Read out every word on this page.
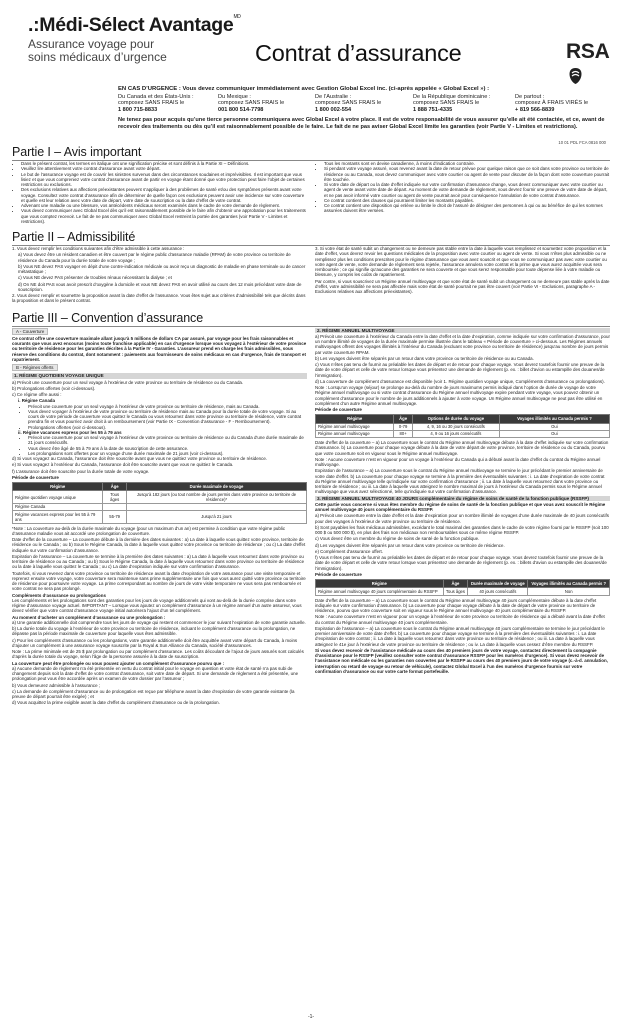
.:Médi-Sélect Avantage$^{MD}$
Assurance voyage pour
soins médicaux d’urgence	Contrat d’assurance	RSA
EN CAS D’URGENCE : Vous devez communiquer immédiatement avec Gestion Global Excel inc. (ci-après appelée « Global Excel ») :
Du Canada et des États-Unis :
composez SANS FRAIS le
1 800 715-8833
Du Mexique :
composez SANS FRAIS le
001 800 514-7798
De l’Australie :
composez SANS FRAIS le
1 800 002-554
De la République dominicaine :
composez SANS FRAIS le
1 888 751-4335
De partout :
composez À FRAIS VIRÉS le
+ 819 566-8839
Ne tenez pas pour acquis qu’une tierce personne communiquera avec Global Excel à votre place. Il est de votre responsabilité de vous assurer qu’elle ait été contactée, et ce, avant de recevoir des traitements ou dès qu’il est raisonnablement possible de le faire. Le fait de ne pas aviser Global Excel limite les garanties (voir Partie V - Limites et restrictions).
10 01 PDL FCA 0816 000
Partie I – Avis important
• Dans le présent contrat, les termes en italique ont une signification précise et sont définis à la Partie XI – Définitions.
• Veuillez lire attentivement votre contrat d’assurance avant votre départ.
• Le but de l’assurance voyage est de couvrir les sinistres survenus dans des circonstances soudaines et imprévisibles. Il est important que vous lisiez et que vous compreniez votre contrat d’assurance avant de partir en voyage étant donné que votre protection peut faire l’objet de certaines restrictions ou exclusions.
• Des exclusions relatives aux affections préexistantes peuvent s’appliquer à des problèmes de santé et/ou des symptômes présents avant votre voyage. Consultez votre contrat d’assurance afin de déterminer de quelle façon ces exclusions peuvent avoir une incidence sur votre couverture et quelle est leur relation avec votre date de départ, votre date de souscription ou la date d’effet de votre contrat.
• Advenant une maladie ou une blessure, vos antécédents médicaux seront examinés dans le cadre de votre demande de règlement.
• Vous devez communiquer avec Global Excel dès qu’il est raisonnablement possible de le faire afin d’obtenir une approbation pour les traitements que vous comptez recevoir. Le fait de ne pas communiquer avec Global Excel restreint la portée des garanties (voir Partie V - Limites et restrictions).
• Tous les montants sont en devise canadienne, à moins d’indication contraire.
• Si pendant votre voyage assuré, vous revenez avant la date de retour prévue pour quelque raison que ce soit dans votre province ou territoire de résidence ou au Canada, vous devez communiquer avec votre courtier ou agent de vente pour discuter de la façon dont votre couverture pourrait être touchée.
• Si votre date de départ ou la date d’effet indiquée sur votre confirmation d’assurance change, vous devez communiquer avec votre courtier ou agent de vente avant votre date de départ. Au moment de votre demande de règlement, vous devrez fournir une preuve de votre date de départ, et ne pas avoir informé votre courtier ou agent de vente pourrait avoir pour conséquence l’annulation de votre contrat d’assurance.
• Ce contrat contient des clauses qui pourraient limiter les montants payables.
• Ce contrat contient une disposition qui enlève ou limite le droit de l’assuré de désigner des personnes à qui ou au bénéfice de qui les sommes assurées doivent être versées.
Partie II – Admissibilité

1. Vous devez remplir les conditions suivantes afin d’être admissible à cette assurance :

a) Vous devez être un résident canadien et être couvert par le régime public d’assurance maladie (RPAM) de votre province ou territoire de résidence du Canada pour la durée totale de votre voyage ;

b) Vous NE devez PAS voyager en dépit d’une contre-indication médicale ou avoir reçu un diagnostic de maladie en phase terminale ou de cancer métastatique ;

c) Vous NE devez PAS présenter de troubles rénaux nécessitant la dialyse ; et

d) On NE doit PAS vous avoir prescrit d’oxygène à domicile et vous NE devez PAS en avoir utilisé au cours des 12 mois précédant votre date de souscription.

2. Vous devez remplir et soumettre la proposition avant la date d’effet de l’assurance. Vous êtes sujet aux critères d’admissibilité tels que décrits dans la proposition et dans le présent contrat.

3. Si votre état de santé subit un changement ou ne demeure pas stable entre la date à laquelle vous remplissez et soumettez votre proposition et la date d’effet, vous devrez revoir les questions médicales de la proposition avec votre courtier ou agent de vente. Si vous n’êtes plus admissible ou ne remplissez plus les conditions prescrites pour le régime d’assurance que vous avez souscrit et que vous ne communiquez pas avec votre courtier ou votre agent de vente, votre demande de règlement sera rejetée, l’assurance annulera votre contrat et la prime que vous aurez acquittée vous sera remboursée ; ce qui signifie qu’aucune des garanties ne sera couverte et que vous serez responsable pour toute dépense liée à votre maladie ou blessure, y compris les coûts de rapatriement.

Par contre, si vous souscrivez un Régime annuel multivoyage et que votre état de santé subit un changement ou ne demeure pas stable après la date d’effet, votre admissibilité ne sera pas affectée mais votre état de santé pourrait ne pas être couvert (voir Partie VI - Exclusions, paragraphe A - Exclusions relatives aux affections préexistantes).

Partie III – Convention d’assurance
A - Couverture

Ce contrat offre une couverture maximale allant jusqu’à 5 millions de dollars CA par assuré, par voyage pour les frais raisonnables et courants que vous avez encourus (moins toute franchise applicable) en cas d’urgence lorsque vous voyagez à l’extérieur de votre province ou territoire de résidence pour les garanties décrites à la Partie IV - Garanties. L’assureur prend en charge les frais admissibles, sous réserve des conditions du contrat, dont notamment : paiements aux fournisseurs de soins médicaux en cas d’urgence, frais de transport et rapatriement.

B - Régimes offerts
1. RÉGIME QUOTIDIEN VOYAGE UNIQUE

a) Prévoit une couverture pour un seul voyage à l’extérieur de votre province ou territoire de résidence ou du Canada.

b) Prolongations offertes (voir ci-dessous).

c) Ce régime offre aussi :

i. Régime Canada
• Prévoit une couverture pour un seul voyage à l’extérieur de votre province ou territoire de résidence, mais au Canada.
• Vous devez voyager à l’extérieur de votre province ou territoire de résidence mais au Canada pour la durée totale de votre voyage. Si au cours de votre période de couverture vous quittez le Canada ou vous retournez dans votre province ou territoire de résidence, votre contrat prendra fin et vous pourriez avoir droit à un remboursement (voir Partie IX - Convention d’assurance - F - Remboursement).
• Prolongations offertes (voir ci-dessous).
ii. Régime vacances express pour les 55 à 79 ans
• Prévoit une couverture pour un seul voyage à l’extérieur de votre province ou territoire de résidence ou du Canada d’une durée maximale de 21 jours consécutifs.
• Vous devez être âgé de 55 à 79 ans à la date de souscription de cette assurance.
• Les prolongations sont offertes pour un voyage d’une durée maximale de 21 jours (voir ci-dessous).

d) Si vous voyagez au Canada, l’assurance doit être souscrite avant que vous ne quittiez votre province ou territoire de résidence.

e) Si vous voyagez à l’extérieur du Canada, l’assurance doit être souscrite avant que vous ne quittiez le Canada.

f) L’assurance doit être souscrite pour la durée totale de votre voyage.

Période de couverture
Régime	Âge	Durée maximale de voyage
Régime quotidien voyage unique	Tous âges	Jusqu’à 182 jours (ou tout nombre de jours permis dans votre province ou territoire de résidence)*
Régime Canada		
Régime vacances express pour les 55 à 79 ans	55-79	Jusqu’à 21 jours

*Note : La couverture au-delà de la durée maximale du voyage (pour un maximum d’un an) est permise à condition que votre régime public d’assurance maladie vous ait accordé une prolongation de couverture.

Date d’effet de la couverture – La couverture débute à la dernière des dates suivantes : a) La date à laquelle vous quittez votre province, territoire de résidence ou le Canada ; ou b) Sous le Régime Canada, la date à laquelle vous quittez votre province ou territoire de résidence ; ou c) La date d’effet indiquée sur votre confirmation d’assurance.

Expiration de l’assurance – La couverture se termine à la première des dates suivantes : a) La date à laquelle vous retournez dans votre province ou territoire de résidence ou au Canada ; ou b) Sous le Régime Canada, la date à laquelle vous retournez dans votre province ou territoire de résidence ou la date à laquelle vous quittez le Canada ; ou c) La date d’expiration indiquée sur votre confirmation d’assurance.

Toutefois, si vous revenez dans votre province ou territoire de résidence avant la date d’expiration de votre assurance pour une visite temporaire et reprenez ensuite votre voyage, votre couverture sera maintenue sans prime supplémentaire une fois que vous aurez quitté votre province ou territoire de résidence pour poursuivre votre voyage. La prime correspondant au nombre de jours de votre visite temporaire ne vous sera pas remboursée et votre contrat ne sera pas prolongé.

Compléments d’assurance ou prolongations

Les compléments et les prolongations sont des garanties pour les jours de voyage additionnels qui vont au-delà de la durée comprise dans votre régime d’assurance voyage actuel. IMPORTANT – Lorsque vous ajoutez un complément d’assurance à un régime annuel d’un autre assureur, vous devez vérifier que votre contrat d’assurance voyage initial autorisera l’ajout d’un tel complément.

Au moment d’acheter un complément d’assurance ou une prolongation :

a) Une garantie additionnelle doit comprendre tous les jours de voyage qui restent et commencer le jour suivant l’expiration de votre garantie actuelle.

b) La durée totale du voyage à l’extérieur de votre province ou territoire de résidence, incluant le complément d’assurance ou la prolongation, ne dépasse pas la période maximale de couverture pour laquelle vous êtes admissible.

c) Pour les compléments d’assurance ou les prolongations, votre garantie additionnelle doit être acquittée avant votre départ du Canada, à moins d’ajouter un complément à une assurance voyage souscrite par la Royal & Sun Alliance du Canada, société d’assurances.

Note : La prime minimale est de 25 $ par prolongation ou par complément d’assurance. Les coûts découlant de l’ajout de jours assurés sont calculés d’après la durée totale du voyage, selon l’âge de la personne assurée à la date de souscription.

La couverture peut être prolongée ou vous pouvez ajouter un complément d’assurance pourvu que :

a) Aucune demande de règlement n’a été présentée en vertu du contrat initial pour le voyage en question et votre état de santé n’a pas subi de changement depuis soit la date d’effet de votre contrat d’assurance, soit votre date de départ. Si une demande de règlement a été présentée, une prolongation peut vous être accordée après un examen de votre dossier par l’assureur ;

b) Vous demeurez admissible à l’assurance ;

c) La demande de complément d’assurance ou de prolongation est reçue par téléphone avant la date d’expiration de votre garantie existante (la preuve de départ pourrait être exigée) ; et

d) Vous acquittez la prime exigible avant la date d’effet du complément d’assurance ou de la prolongation.

2. RÉGIME ANNUEL MULTIVOYAGE

a) Prévoit une couverture à l’extérieur du Canada entre la date d’effet et la date d’expiration, comme indiquée sur votre confirmation d’assurance, pour un nombre illimité de voyages de la durée maximale permise illustrée dans le tableau « Période de couverture » ci-dessous. Les Régimes annuels multivoyages offrent des voyages illimités à l’intérieur du Canada (excluant votre province ou territoire de résidence) jusqu’au nombre de jours permis par votre couverture RPAM.

b) Les voyages doivent être séparés par un retour dans votre province ou territoire de résidence ou au Canada.

c) Vous n’êtes pas tenu de fournir au préalable les dates de départ et de retour pour chaque voyage. Vous devrez toutefois fournir une preuve de la date de votre départ et celle de votre retour lorsque vous présentez une demande de règlement (p. ex. : billet d’avion ou estampille des douanes/de l’immigration).

d) La couverture de complément d’assurance est disponible (voir 1. Régime quotidien voyage unique, Compléments d’assurance ou prolongations).

Note : Lorsqu’un voyage (séjour) se prolonge au-delà du nombre de jours maximums permis indiqué dans l’option de durée de voyage de votre Régime annuel multivoyage ou si votre contrat d’assurance du Régime annuel multivoyage expire pendant votre voyage, vous pouvez obtenir un complément d’assurance pour le nombre de jours additionnels à ajouter à votre voyage. Un Régime annuel multivoyage ne peut pas être utilisé en complément d’un autre Régime annuel multivoyage.

Période de couverture
Régime	Âge	Options de durée du voyage	Voyages illimités au Canada permis ?
Régime annuel multivoyage	0-79	4, 9, 16 ou 30 jours consécutifs	Oui
Régime annuel multivoyage	80+	4, 9 ou 16 jours consécutifs	Oui

Date d’effet de la couverture – a) La couverture sous le contrat du Régime annuel multivoyage débute à la date d’effet indiquée sur votre confirmation d’assurance. b) La couverture pour chaque voyage débute à la date de votre départ de votre province, territoire de résidence ou du Canada, pourvu que votre couverture soit en vigueur sous le Régime annuel multivoyage.

Note : Aucune couverture n’est en vigueur pour un voyage à l’extérieur du Canada qui a débuté avant la date d’effet du contrat du Régime annuel multivoyage.

Expiration de l’assurance – a) La couverture sous le contrat du Régime annuel multivoyage se termine le jour précédant le premier anniversaire de votre date d’effet. b) La couverture pour chaque voyage se termine à la première des éventualités suivantes : i. La date d’expiration de votre contrat du Régime annuel multivoyage telle qu’indiquée sur votre confirmation d’assurance ; ii. La date à laquelle vous retournez dans votre province ou territoire de résidence ; ou iii. La date à laquelle vous atteignez le nombre maximal de jours à l’extérieur du Canada permis sous le Régime annuel multivoyage que vous avez sélectionné, telle qu’indiquée sur votre confirmation d’assurance.

3. RÉGIME ANNUEL MULTIVOYAGE 40 JOURS complémentaire du régime de soins de santé de la fonction publique (RSSFP)

Cette partie vous concerne si vous êtes membre du régime de soins de santé de la fonction publique et que vous avez souscrit le Régime annuel multivoyage 40 jours complémentaire du RSSFP.

a) Prévoit une couverture entre la date d’effet et la date d’expiration pour un nombre illimité de voyages d’une durée maximale de 40 jours consécutifs pour des voyages à l’extérieur de votre province ou territoire de résidence.

b) Sont payables les frais médicaux admissibles, excédant le total maximal des garanties dans le cadre de votre régime fourni par le RSSFP (soit 100 000 $ ou 500 000 $), en plus des frais non médicaux non remboursables sous ce même régime RSSFP.

c) Vous devez être un membre du régime de soins de santé de la fonction publique.

d) Les voyages doivent être séparés par un retour dans votre province ou territoire de résidence.

e) Complément d’assurance offert.

f) Vous n’êtes pas tenu de fournir au préalable les dates de départ et de retour pour chaque voyage. Vous devrez toutefois fournir une preuve de la date de votre départ et celle de votre retour lorsque vous présentez une demande de règlement (p. ex. : billets d’avion ou estampille des douanes/de l’immigration).

Période de couverture
Régime	Âge	Durée maximale de voyage	Voyages illimités au Canada permis ?
Régime annuel multivoyage 40 jours complémentaire du RSSFP	Tous âges	40 jours consécutifs	Non

Date d’effet de la couverture – a) La couverture sous le contrat du Régime annuel multivoyage 40 jours complémentaire débute à la date d’effet indiquée sur votre confirmation d’assurance. b) La couverture pour chaque voyage débute à la date de départ de votre province ou territoire de résidence, pourvu que votre couverture soit en vigueur sous le Régime annuel multivoyage 40 jours complémentaire du RSSFP.

Note : Aucune couverture n’est en vigueur pour un voyage à l’extérieur de votre province ou territoire de résidence qui a débuté avant la date d’effet du contrat du Régime annuel multivoyage 40 jours complémentaire.

Expiration de l’assurance – a) La couverture sous le contrat du Régime annuel multivoyage 40 jours complémentaire se termine le jour précédant le premier anniversaire de votre date d’effet. b) La couverture pour chaque voyage se termine à la première des éventualités suivantes : i. La date d’expiration de votre contrat ; ii. La date à laquelle vous retournez dans votre province ou territoire de résidence ; ou iii. La date à laquelle vous atteignez le 41e jour à l’extérieur de votre province ou territoire de résidence ; ou iv. La date à laquelle vous cessez d’être membre du RSSFP.

Si vous devez recevoir de l’assistance médicale au cours des 40 premiers jours de votre voyage, contactez directement la compagnie d’assistance pour le RSSFP (veuillez consulter votre contrat d’assurance RSSFP pour les numéros d’urgence). Si vous devez recevoir de l’assistance non médicale ou les garanties non couvertes par le RSSFP au cours des 40 premiers jours de votre voyage (c.-à-d. annulation, interruption ou retard de voyage ou retour de véhicule), contactez Global Excel à l’un des numéros d’urgence fournis sur votre confirmation d’assurance ou sur votre carte format portefeuille.

-1-
